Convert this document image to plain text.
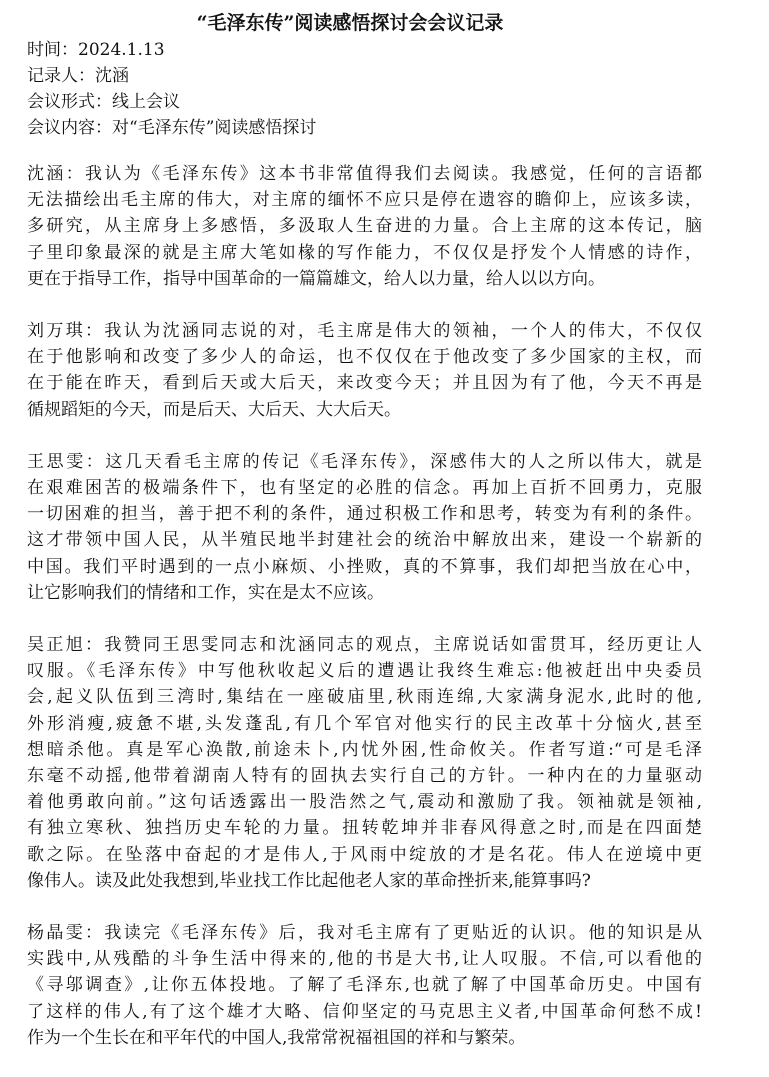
“毛泽东传”阅读感悟探讨会会议记录
时间：2024.1.13
记录人：沈涵
会议形式：线上会议
会议内容：对“毛泽东传”阅读感悟探讨
沈涵：我认为《毛泽东传》这本书非常值得我们去阅读。我感觉，任何的言语都
无法描绘出毛主席的伟大，对主席的缅怀不应只是停在遗容的瞻仰上，应该多读，
多研究，从主席身上多感悟，多汲取人生奋进的力量。合上主席的这本传记，脑
子里印象最深的就是主席大笔如椽的写作能力，不仅仅是抒发个人情感的诗作，
更在于指导工作，指导中国革命的一篇篇雄文，给人以力量，给人以以方向。
刘万琪：我认为沈涵同志说的对，毛主席是伟大的领袖，一个人的伟大，不仅仅
在于他影响和改变了多少人的命运，也不仅仅在于他改变了多少国家的主权，而
在于能在昨天，看到后天或大后天，来改变今天；并且因为有了他，今天不再是
循规蹈矩的今天，而是后天、大后天、大大后天。
王思雯：这几天看毛主席的传记《毛泽东传》，深感伟大的人之所以伟大，就是
在艰难困苦的极端条件下，也有坚定的必胜的信念。再加上百折不回勇力，克服
一切困难的担当，善于把不利的条件，通过积极工作和思考，转变为有利的条件。
这才带领中国人民，从半殖民地半封建社会的统治中解放出来，建设一个崭新的
中国。我们平时遇到的一点小麻烦、小挫败，真的不算事，我们却把当放在心中，
让它影响我们的情绪和工作，实在是太不应该。
吴正旭：我赞同王思雯同志和沈涵同志的观点，主席说话如雷贯耳，经历更让人
叹服。《毛泽东传》中写他秋收起义后的遭遇让我终生难忘:他被赶出中央委员
会,起义队伍到三湾时,集结在一座破庙里,秋雨连绵,大家满身泥水,此时的他,
外形消瘦,疲惫不堪,头发蓬乱,有几个军官对他实行的民主改革十分恼火,甚至
想暗杀他。真是军心涣散,前途未卜,内忧外困,性命攸关。作者写道:“可是毛泽
东毫不动摇,他带着湖南人特有的固执去实行自己的方针。一种内在的力量驱动
着他勇敢向前。”这句话透露出一股浩然之气,震动和激励了我。领袖就是领袖,
有独立寒秋、独挡历史车轮的力量。扭转乾坤并非春风得意之时,而是在四面楚
歌之际。在坠落中奋起的才是伟人,于风雨中绽放的才是名花。伟人在逆境中更
像伟人。读及此处我想到,毕业找工作比起他老人家的革命挫折来,能算事吗?
杨晶雯：我读完《毛泽东传》后，我对毛主席有了更贴近的认识。他的知识是从
实践中,从残酷的斗争生活中得来的,他的书是大书,让人叹服。不信,可以看他的
《寻邬调查》,让你五体投地。了解了毛泽东,也就了解了中国革命历史。中国有
了这样的伟人,有了这个雄才大略、信仰坚定的马克思主义者,中国革命何愁不成!
作为一个生长在和平年代的中国人,我常常祝福祖国的祥和与繁荣。
